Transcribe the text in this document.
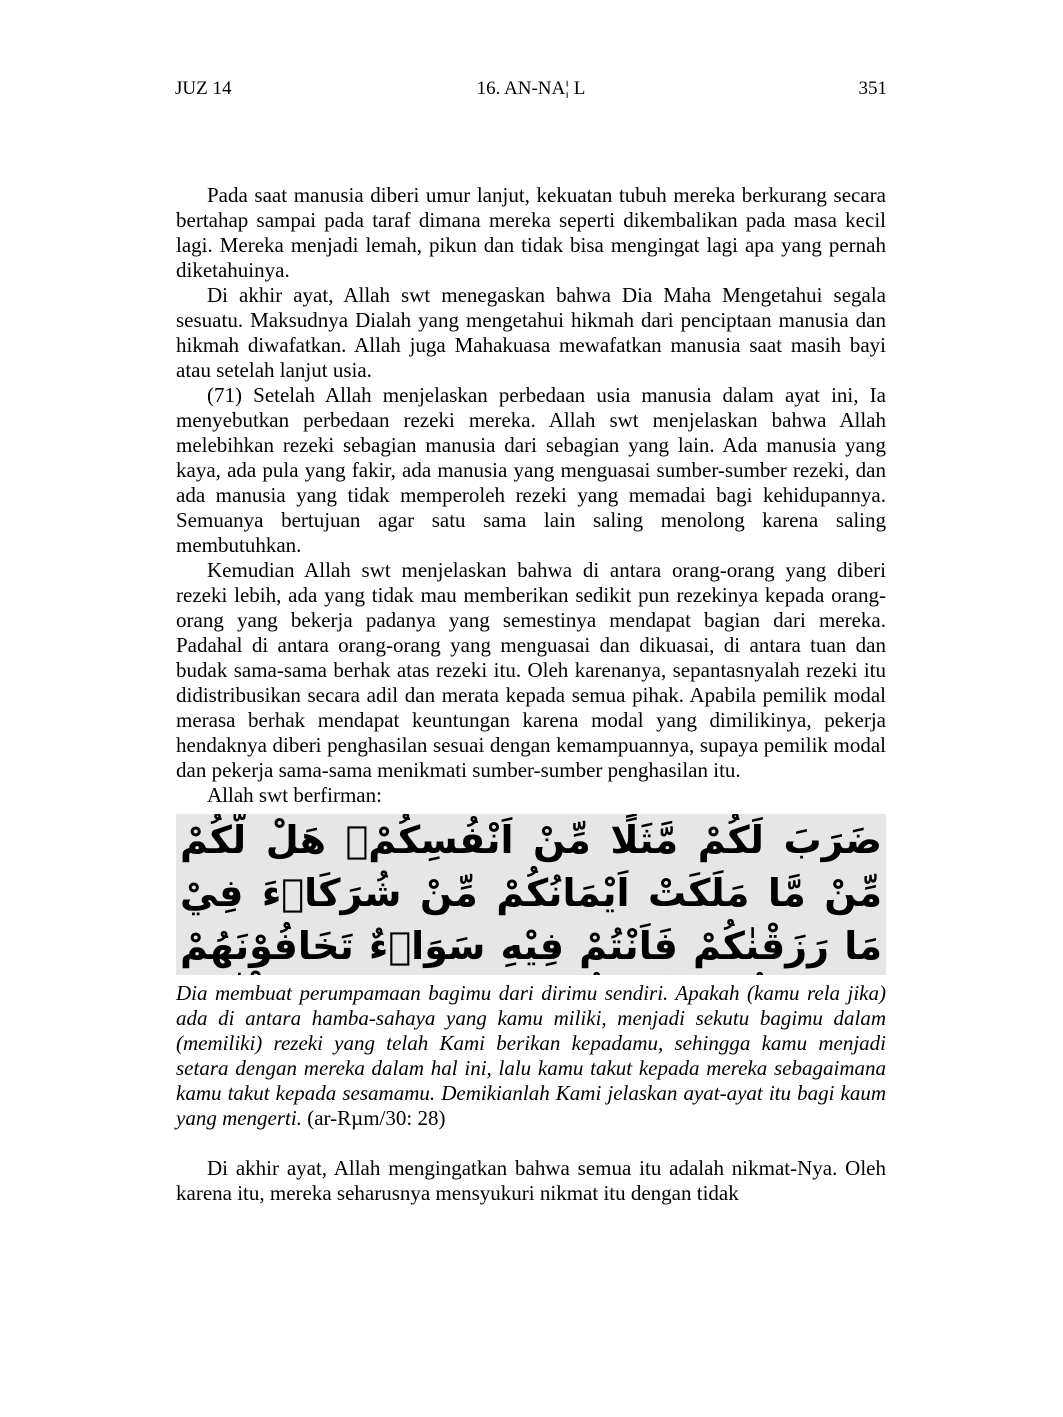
JUZ 14	16. AN-NA¦ L	351

Pada saat manusia diberi umur lanjut, kekuatan tubuh mereka berkurang secara bertahap sampai pada taraf dimana mereka seperti dikembalikan pada masa kecil lagi. Mereka menjadi lemah, pikun dan tidak bisa mengingat lagi apa yang pernah diketahuinya.

Di akhir ayat, Allah swt menegaskan bahwa Dia Maha Mengetahui segala sesuatu. Maksudnya Dialah yang mengetahui hikmah dari penciptaan manusia dan hikmah diwafatkan. Allah juga Mahakuasa mewafatkan manusia saat masih bayi atau setelah lanjut usia.

(71) Setelah Allah menjelaskan perbedaan usia manusia dalam ayat ini, Ia menyebutkan perbedaan rezeki mereka. Allah swt menjelaskan bahwa Allah melebihkan rezeki sebagian manusia dari sebagian yang lain. Ada manusia yang kaya, ada pula yang fakir, ada manusia yang menguasai sumber-sumber rezeki, dan ada manusia yang tidak memperoleh rezeki yang memadai bagi kehidupannya. Semuanya bertujuan agar satu sama lain saling menolong karena saling membutuhkan.

Kemudian Allah swt menjelaskan bahwa di antara orang-orang yang diberi rezeki lebih, ada yang tidak mau memberikan sedikit pun rezekinya kepada orang-orang yang bekerja padanya yang semestinya mendapat bagian dari mereka. Padahal di antara orang-orang yang menguasai dan dikuasai, di antara tuan dan budak sama-sama berhak atas rezeki itu. Oleh karenanya, sepantasnyalah rezeki itu didistribusikan secara adil dan merata kepada semua pihak. Apabila pemilik modal merasa berhak mendapat keuntungan karena modal yang dimilikinya, pekerja hendaknya diberi penghasilan sesuai dengan kemampuannya, supaya pemilik modal dan pekerja sama-sama menikmati sumber-sumber penghasilan itu.

Allah swt berfirman:

ضَرَبَ لَكُمْ مَّثَلًا مِّنْ اَنْفُسِكُمْۗ هَلْ لَّكُمْ مِّنْ مَّا مَلَكَتْ اَيْمَانُكُمْ مِّنْ شُرَكَاۤءَ فِيْ مَا رَزَقْنٰكُمْ فَاَنْتُمْ فِيْهِ سَوَاۤءٌ تَخَافُوْنَهُمْ

Dia membuat perumpamaan bagimu dari dirimu sendiri. Apakah (kamu rela jika) ada di antara hamba-sahaya yang kamu miliki, menjadi sekutu bagimu dalam (memiliki) rezeki yang telah Kami berikan kepadamu, sehingga kamu menjadi setara dengan mereka dalam hal ini, lalu kamu takut kepada mereka sebagaimana kamu takut kepada sesamamu. Demikianlah Kami jelaskan ayat-ayat itu bagi kaum yang mengerti. (ar-Rµm/30: 28)

Di akhir ayat, Allah mengingatkan bahwa semua itu adalah nikmat-Nya. Oleh karena itu, mereka seharusnya mensyukuri nikmat itu dengan tidak
